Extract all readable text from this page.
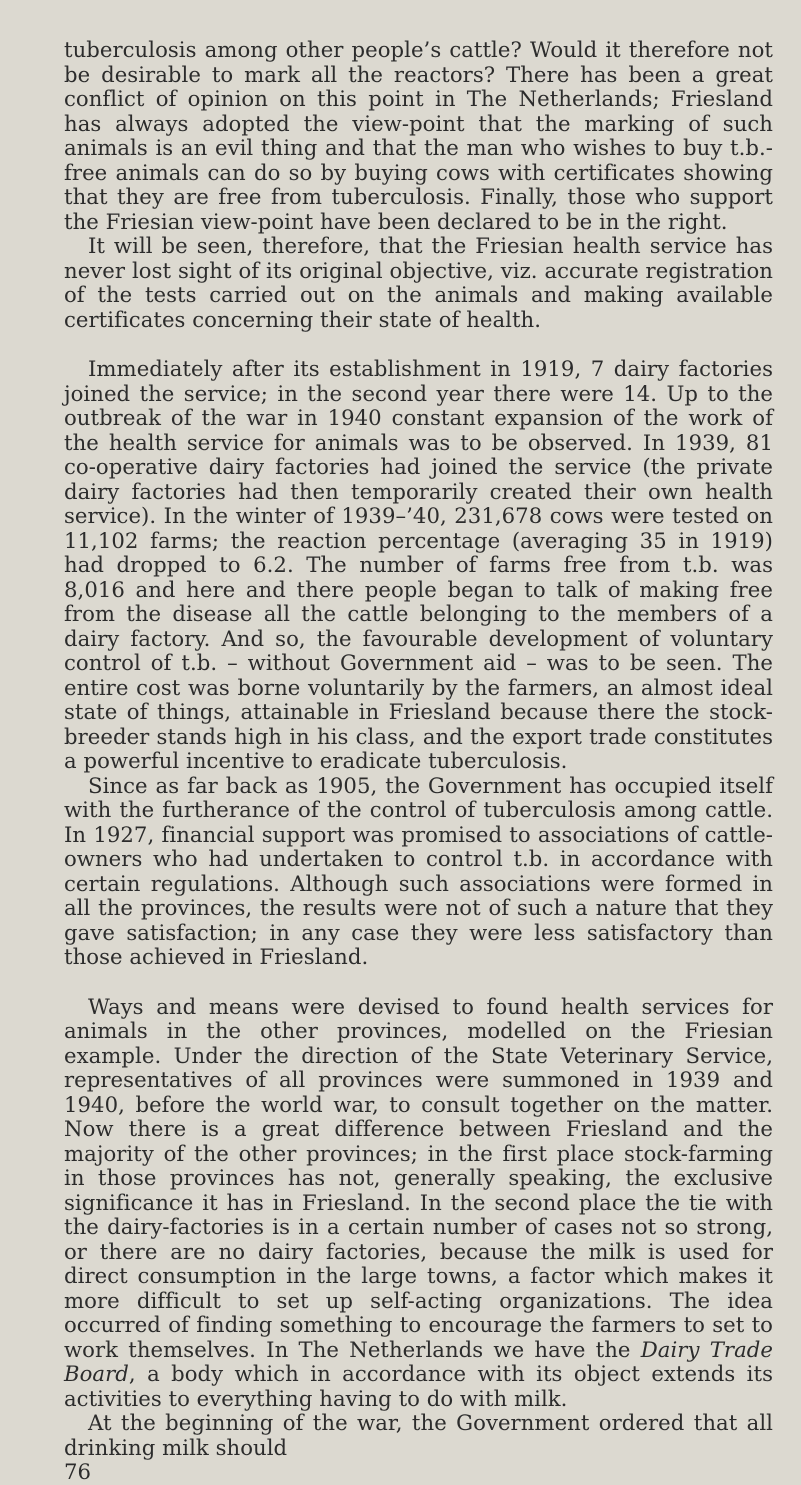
tuberculosis among other people’s cattle? Would it therefore not be desirable to mark all the reactors? There has been a great conflict of opinion on this point in The Netherlands; Friesland has always adopted the view-point that the marking of such animals is an evil thing and that the man who wishes to buy t.b.-free animals can do so by buying cows with certificates showing that they are free from tuberculosis. Finally, those who support the Friesian view-point have been declared to be in the right.

It will be seen, therefore, that the Friesian health service has never lost sight of its original objective, viz. accurate registration of the tests carried out on the animals and making available certificates concerning their state of health.

Immediately after its establishment in 1919, 7 dairy factories joined the service; in the second year there were 14. Up to the outbreak of the war in 1940 constant expansion of the work of the health service for animals was to be observed. In 1939, 81 co-operative dairy factories had joined the service (the private dairy factories had then temporarily created their own health service). In the winter of 1939–’40, 231,678 cows were tested on 11,102 farms; the reaction percentage (averaging 35 in 1919) had dropped to 6.2. The number of farms free from t.b. was 8,016 and here and there people began to talk of making free from the disease all the cattle belonging to the members of a dairy factory. And so, the favourable development of voluntary control of t.b. – without Government aid – was to be seen. The entire cost was borne voluntarily by the farmers, an almost ideal state of things, attainable in Friesland because there the stock-breeder stands high in his class, and the export trade constitutes a powerful incentive to eradicate tuberculosis.

Since as far back as 1905, the Government has occupied itself with the furtherance of the control of tuberculosis among cattle. In 1927, financial support was promised to associations of cattle-owners who had undertaken to control t.b. in accordance with certain regulations. Although such associations were formed in all the provinces, the results were not of such a nature that they gave satisfaction; in any case they were less satisfactory than those achieved in Friesland.

Ways and means were devised to found health services for animals in the other provinces, modelled on the Friesian example. Under the direction of the State Veterinary Service, representatives of all provinces were summoned in 1939 and 1940, before the world war, to consult together on the matter. Now there is a great difference between Friesland and the majority of the other provinces; in the first place stock-farming in those provinces has not, generally speaking, the exclusive significance it has in Friesland. In the second place the tie with the dairy-factories is in a certain number of cases not so strong, or there are no dairy factories, because the milk is used for direct consumption in the large towns, a factor which makes it more difficult to set up self-acting organizations. The idea occurred of finding something to encourage the farmers to set to work themselves. In The Netherlands we have the Dairy Trade Board, a body which in accordance with its object extends its activities to everything having to do with milk.

At the beginning of the war, the Government ordered that all drinking milk should

76
